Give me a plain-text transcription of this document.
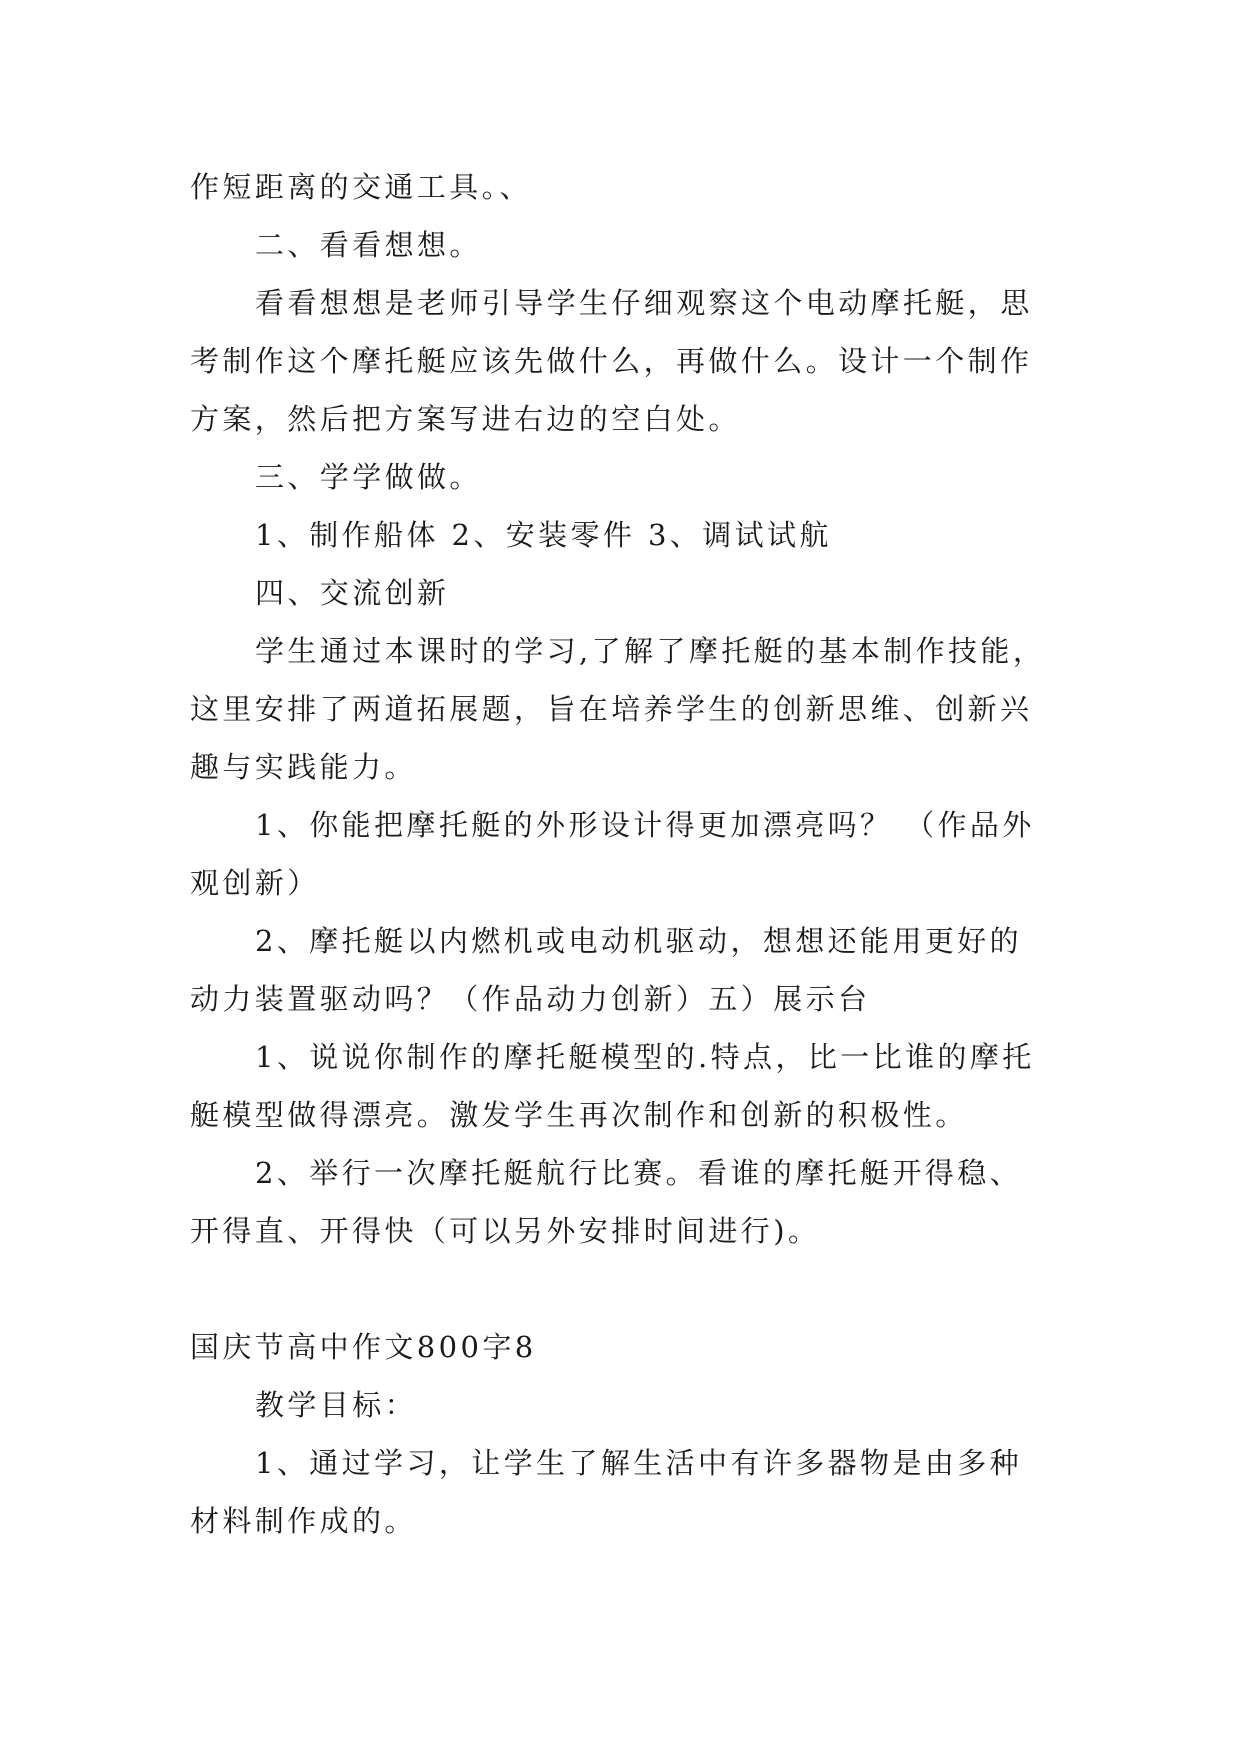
作短距离的交通工具。、
二、看看想想。
看看想想是老师引导学生仔细观察这个电动摩托艇，思
考制作这个摩托艇应该先做什么，再做什么。设计一个制作
方案，然后把方案写进右边的空白处。
三、学学做做。
1、制作船体 2、安装零件 3、调试试航
四、交流创新
学生通过本课时的学习,了解了摩托艇的基本制作技能，
这里安排了两道拓展题，旨在培养学生的创新思维、创新兴
趣与实践能力。
1、你能把摩托艇的外形设计得更加漂亮吗？ （作品外
观创新）
2、摩托艇以内燃机或电动机驱动，想想还能用更好的
动力装置驱动吗？（作品动力创新）五）展示台
1、说说你制作的摩托艇模型的.特点，比一比谁的摩托
艇模型做得漂亮。激发学生再次制作和创新的积极性。
2、举行一次摩托艇航行比赛。看谁的摩托艇开得稳、
开得直、开得快（可以另外安排时间进行)。
国庆节高中作文800字8
教学目标：
1、通过学习，让学生了解生活中有许多器物是由多种
材料制作成的。
